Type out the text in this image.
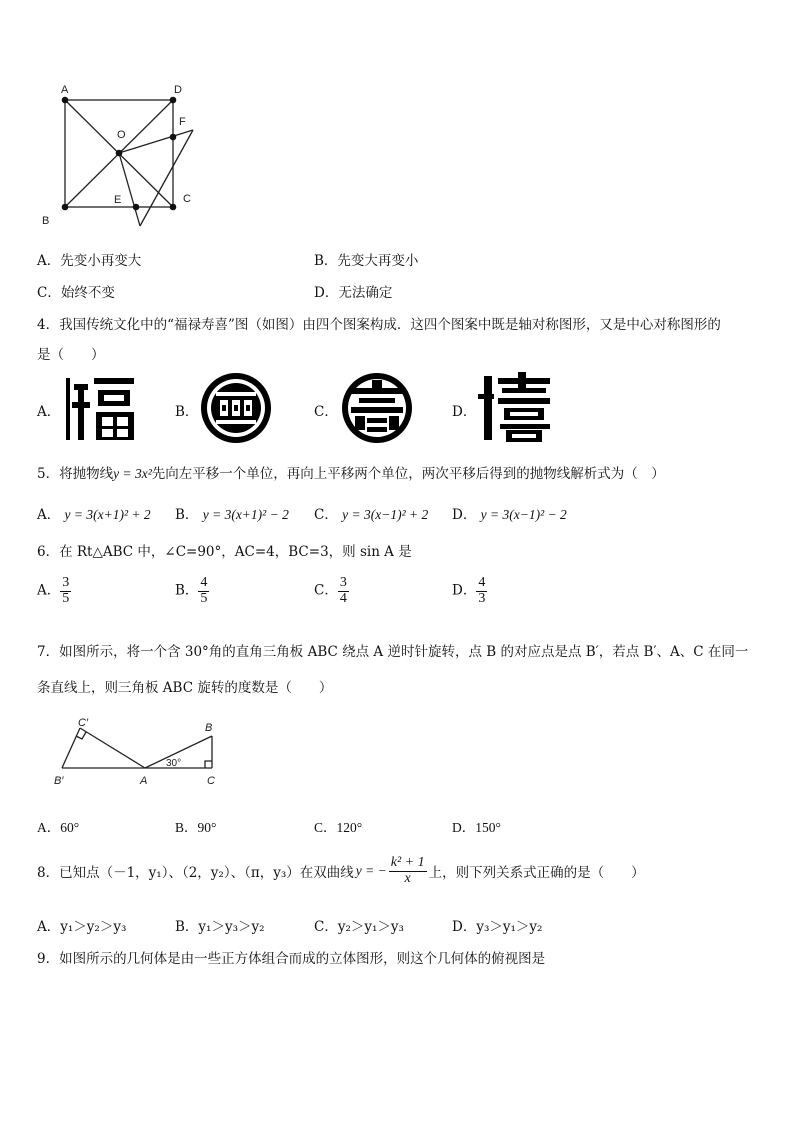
A	D
O
F
B
E	C
A．先变小再变大	B．先变大再变小
C．始终不变	D．无法确定
4．我国传统文化中的“福禄寿喜”图（如图）由四个图案构成．这四个图案中既是轴对称图形，又是中心对称图形的
是（　　）
A．	B．	C．	D．
5．将抛物线y = 3x²先向左平移一个单位，再向上平移两个单位，两次平移后得到的抛物线解析式为（　）
A． y = 3(x+1)² + 2 B． y = 3(x+1)² − 2 C． y = 3(x−1)² + 2 D． y = 3(x−1)² − 2
6．在 Rt△ABC 中，∠C=90°，AC=4，BC=3，则 sin A 是
A． $\frac{3}{5}$	B． $\frac{4}{5}$	C． $\frac{3}{4}$	D． $\frac{4}{3}$
7．如图所示，将一个含 30°角的直角三角板 ABC 绕点 A 逆时针旋转，点 B 的对应点是点 B′，若点 B′、A、C 在同一
条直线上，则三角板 ABC 旋转的度数是（　　）
C′
B′	A
B
C
30°
A．60°	B．90°	C．120°	D．150°
8．已知点（－1，y₁）、（2，y₂）、（π，y₃）在双曲线 y = − $\frac{\text{k² + 1}}{x}$ 上，则下列关系式正确的是（　　）
A．y₁＞y₂＞y₃	B．y₁＞y₃＞y₂	C．y₂＞y₁＞y₃	D．y₃＞y₁＞y₂
9．如图所示的几何体是由一些正方体组合而成的立体图形，则这个几何体的俯视图是
